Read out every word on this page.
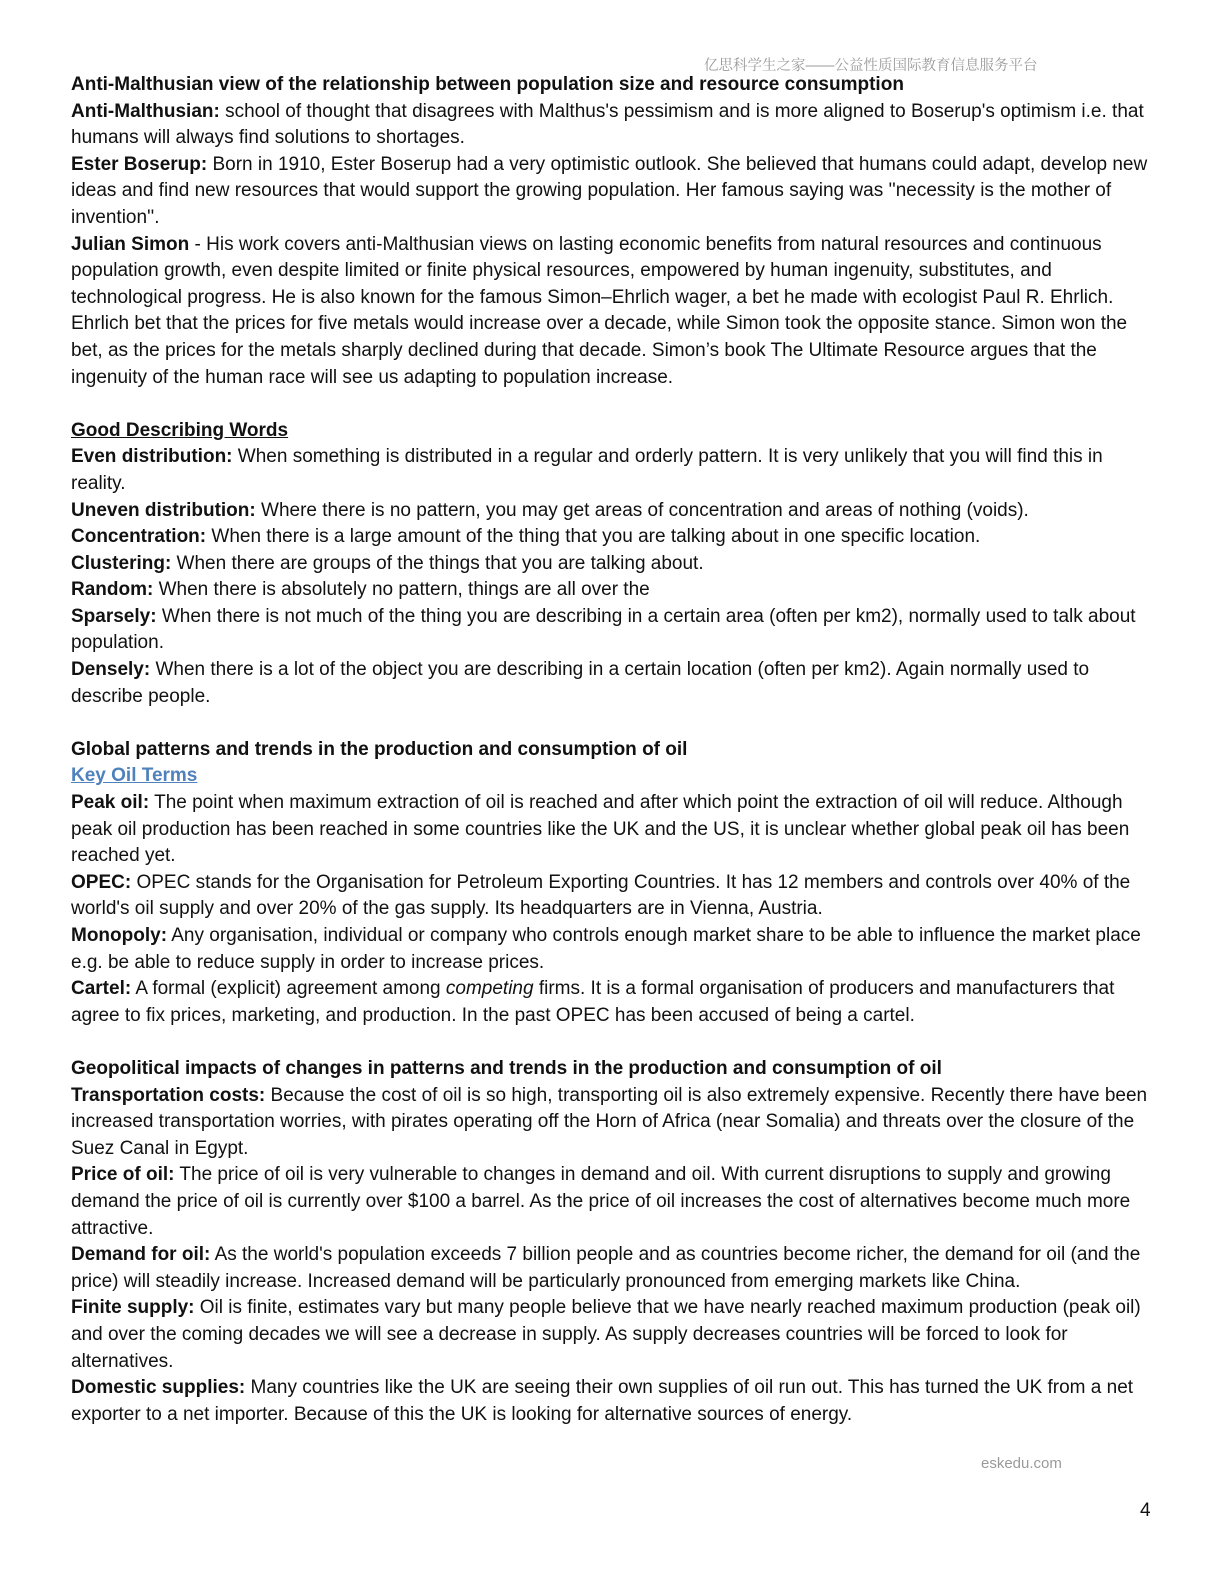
亿思科学生之家——公益性质国际教育信息服务平台

Anti-Malthusian view of the relationship between population size and resource consumption

Anti-Malthusian: school of thought that disagrees with Malthus's pessimism and is more aligned to Boserup's optimism i.e. that humans will always find solutions to shortages.

Ester Boserup: Born in 1910, Ester Boserup had a very optimistic outlook. She believed that humans could adapt, develop new ideas and find new resources that would support the growing population. Her famous saying was ''necessity is the mother of invention''.

Julian Simon - His work covers anti-Malthusian views on lasting economic benefits from natural resources and continuous population growth, even despite limited or finite physical resources, empowered by human ingenuity, substitutes, and technological progress. He is also known for the famous Simon–Ehrlich wager, a bet he made with ecologist Paul R. Ehrlich. Ehrlich bet that the prices for five metals would increase over a decade, while Simon took the opposite stance. Simon won the bet, as the prices for the metals sharply declined during that decade. Simon’s book The Ultimate Resource argues that the ingenuity of the human race will see us adapting to population increase.

Good Describing Words

Even distribution: When something is distributed in a regular and orderly pattern. It is very unlikely that you will find this in reality.

Uneven distribution: Where there is no pattern, you may get areas of concentration and areas of nothing (voids).

Concentration: When there is a large amount of the thing that you are talking about in one specific location.

Clustering: When there are groups of the things that you are talking about.

Random: When there is absolutely no pattern, things are all over the

Sparsely: When there is not much of the thing you are describing in a certain area (often per km2), normally used to talk about population.

Densely: When there is a lot of the object you are describing in a certain location (often per km2). Again normally used to describe people.

Global patterns and trends in the production and consumption of oil

Key Oil Terms

Peak oil: The point when maximum extraction of oil is reached and after which point the extraction of oil will reduce. Although peak oil production has been reached in some countries like the UK and the US, it is unclear whether global peak oil has been reached yet.

OPEC: OPEC stands for the Organisation for Petroleum Exporting Countries. It has 12 members and controls over 40% of the world's oil supply and over 20% of the gas supply. Its headquarters are in Vienna, Austria.

Monopoly: Any organisation, individual or company who controls enough market share to be able to influence the market place e.g. be able to reduce supply in order to increase prices.

Cartel: A formal (explicit) agreement among competing firms. It is a formal organisation of producers and manufacturers that agree to fix prices, marketing, and production. In the past OPEC has been accused of being a cartel.

Geopolitical impacts of changes in patterns and trends in the production and consumption of oil

Transportation costs: Because the cost of oil is so high, transporting oil is also extremely expensive. Recently there have been increased transportation worries, with pirates operating off the Horn of Africa (near Somalia) and threats over the closure of the Suez Canal in Egypt.

Price of oil: The price of oil is very vulnerable to changes in demand and oil. With current disruptions to supply and growing demand the price of oil is currently over $100 a barrel. As the price of oil increases the cost of alternatives become much more attractive.

Demand for oil: As the world's population exceeds 7 billion people and as countries become richer, the demand for oil (and the price) will steadily increase. Increased demand will be particularly pronounced from emerging markets like China.

Finite supply: Oil is finite, estimates vary but many people believe that we have nearly reached maximum production (peak oil) and over the coming decades we will see a decrease in supply. As supply decreases countries will be forced to look for alternatives.

Domestic supplies: Many countries like the UK are seeing their own supplies of oil run out. This has turned the UK from a net exporter to a net importer. Because of this the UK is looking for alternative sources of energy.

eskedu.com
4
